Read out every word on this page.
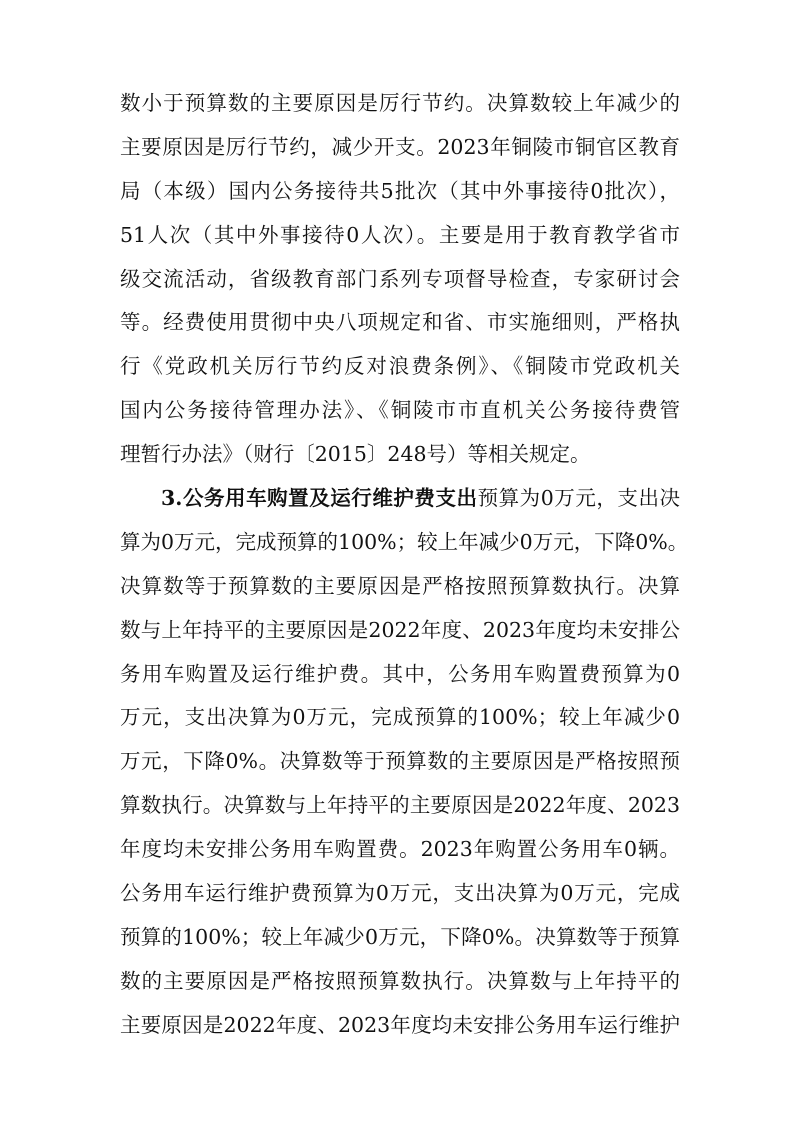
数小于预算数的主要原因是厉行节约。决算数较上年减少的
主要原因是厉行节约，减少开支。2023年铜陵市铜官区教育
局（本级）国内公务接待共5批次（其中外事接待0批次），
51人次（其中外事接待0人次）。主要是用于教育教学省市
级交流活动，省级教育部门系列专项督导检查，专家研讨会
等。经费使用贯彻中央八项规定和省、市实施细则，严格执
行《党政机关厉行节约反对浪费条例》、《铜陵市党政机关
国内公务接待管理办法》、《铜陵市市直机关公务接待费管
理暂行办法》（财行〔2015〕248号）等相关规定。
3.公务用车购置及运行维护费支出预算为0万元，支出决
算为0万元，完成预算的100%；较上年减少0万元，下降0%。
决算数等于预算数的主要原因是严格按照预算数执行。决算
数与上年持平的主要原因是2022年度、2023年度均未安排公
务用车购置及运行维护费。其中，公务用车购置费预算为0
万元，支出决算为0万元，完成预算的100%；较上年减少0
万元，下降0%。决算数等于预算数的主要原因是严格按照预
算数执行。决算数与上年持平的主要原因是2022年度、2023
年度均未安排公务用车购置费。2023年购置公务用车0辆。
公务用车运行维护费预算为0万元，支出决算为0万元，完成
预算的100%；较上年减少0万元，下降0%。决算数等于预算
数的主要原因是严格按照预算数执行。决算数与上年持平的
主要原因是2022年度、2023年度均未安排公务用车运行维护
